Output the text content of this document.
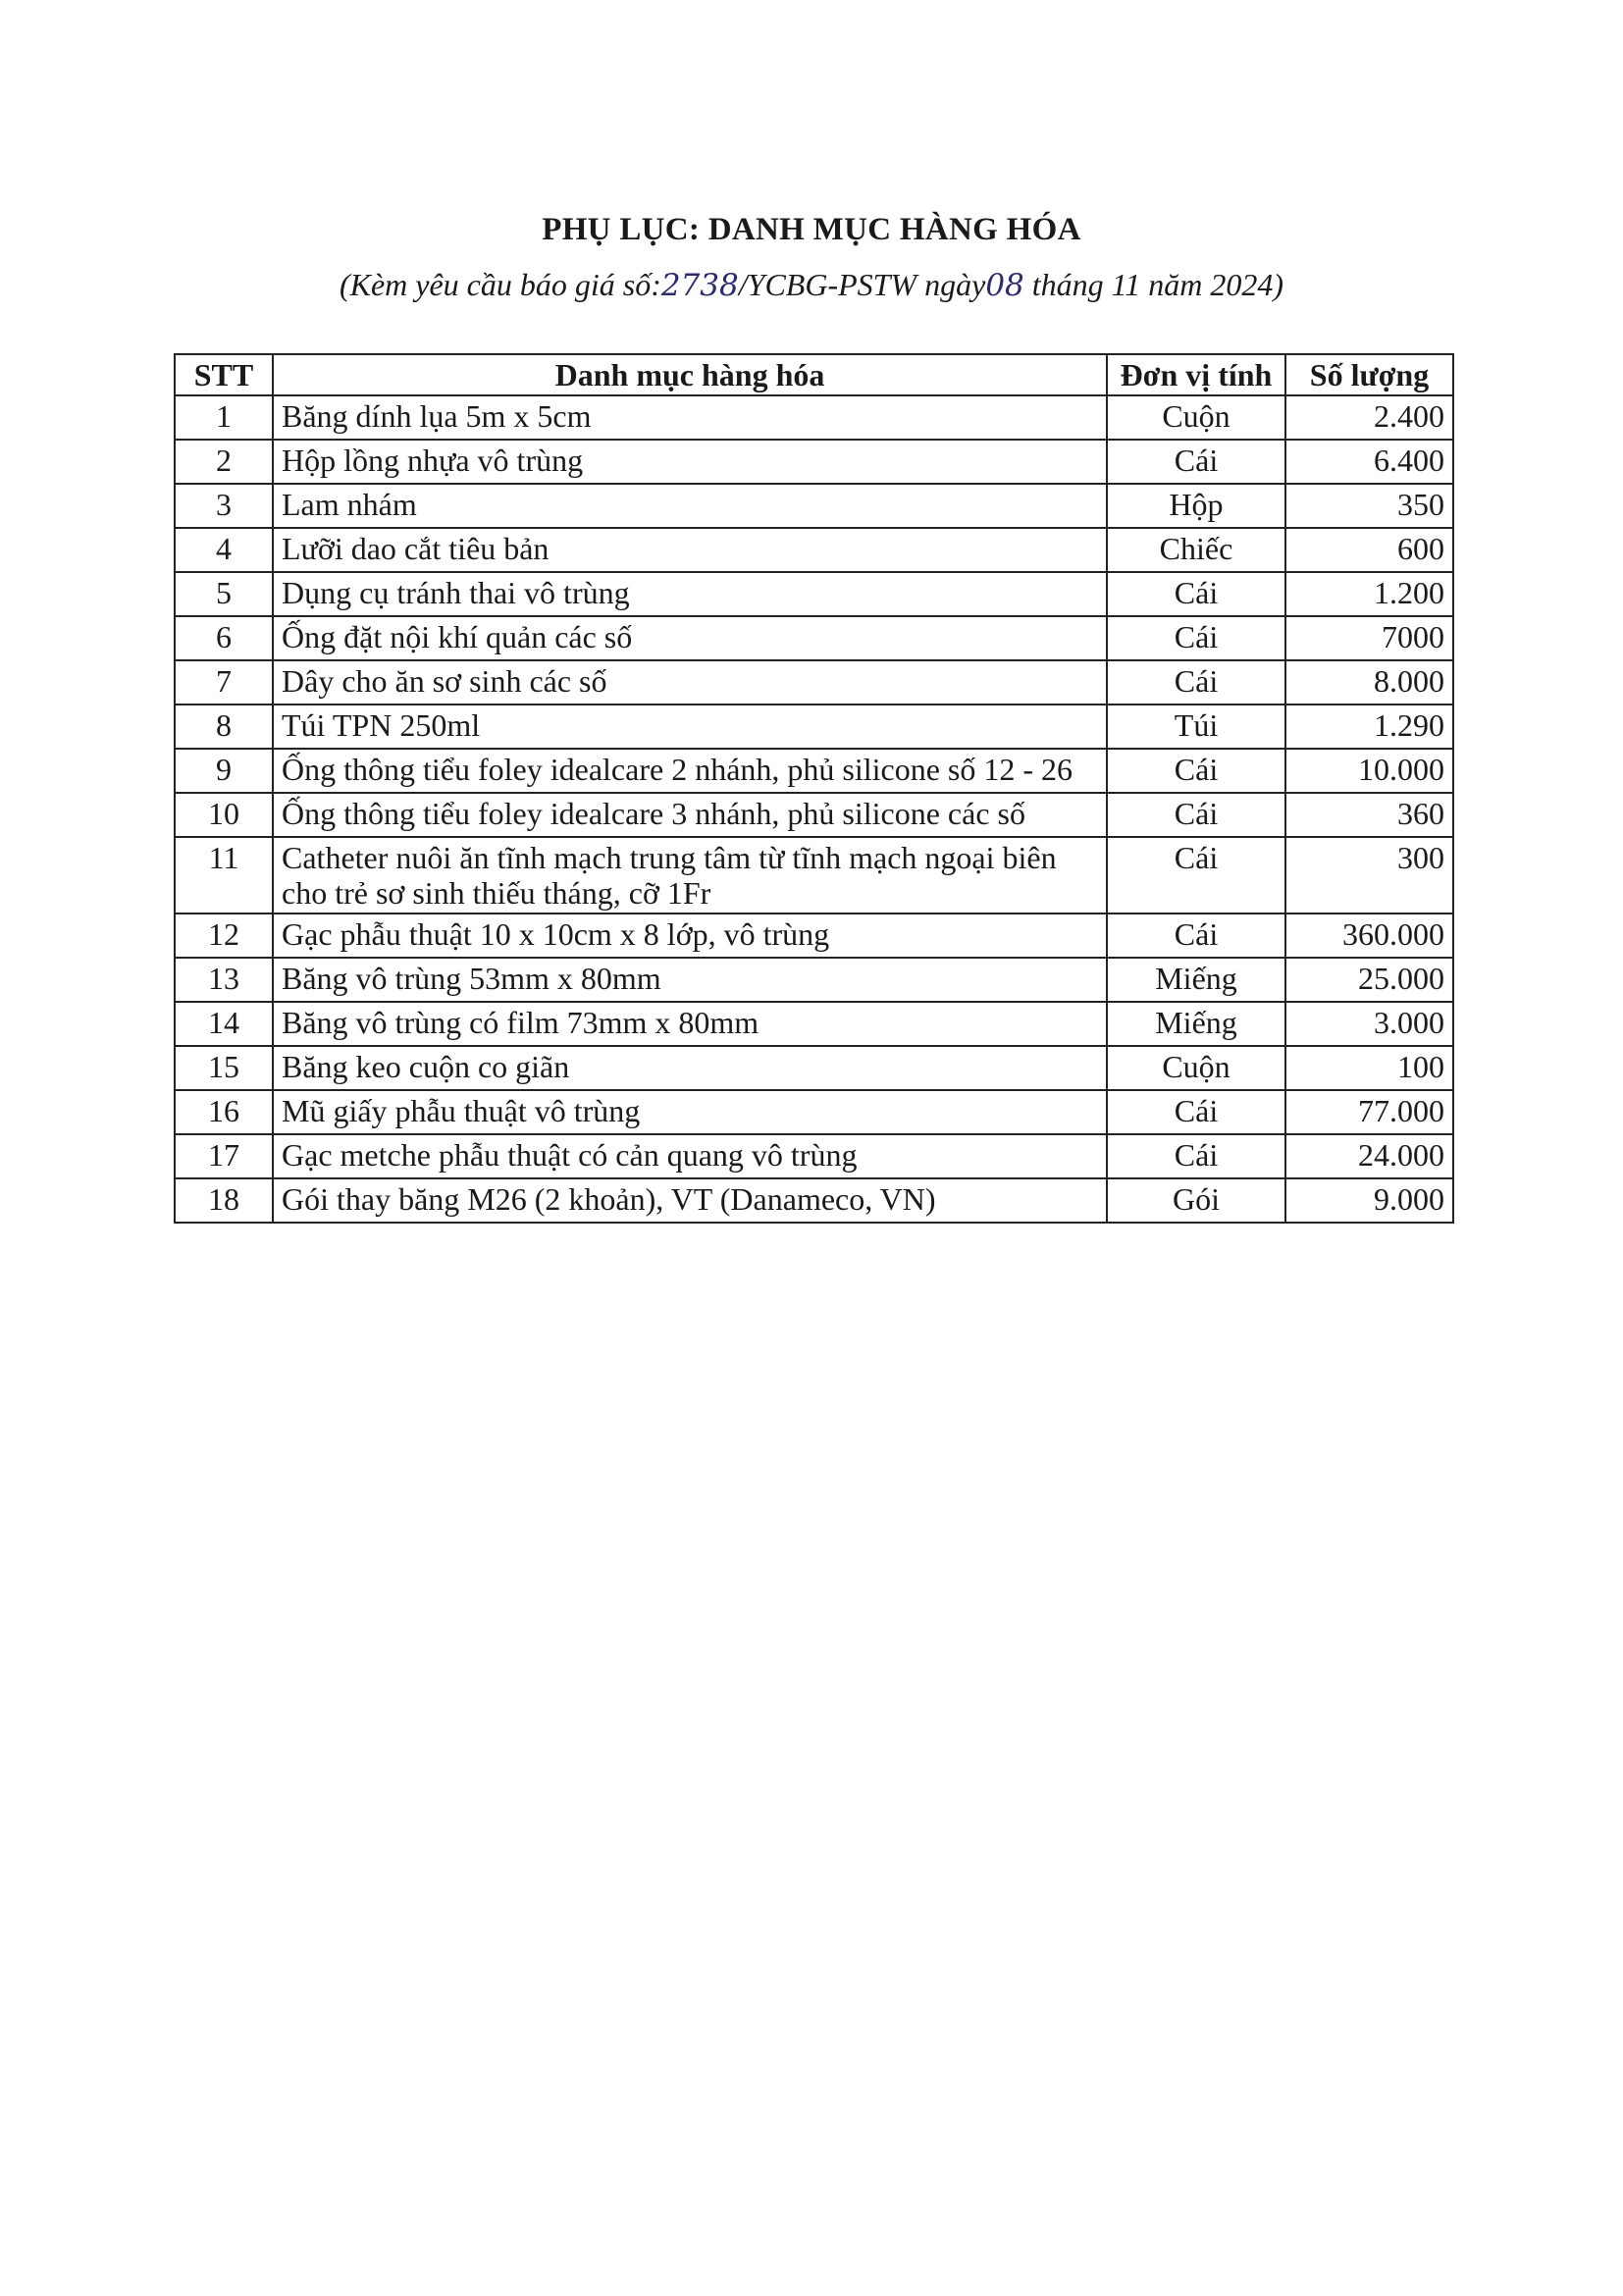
PHỤ LỤC: DANH MỤC HÀNG HÓA
(Kèm yêu cầu báo giá số:2738/YCBG-PSTW ngày08 tháng 11 năm 2024)
STT	Danh mục hàng hóa	Đơn vị tính	Số lượng
1	Băng dính lụa 5m x 5cm	Cuộn	2.400
2	Hộp lồng nhựa vô trùng	Cái	6.400
3	Lam nhám	Hộp	350
4	Lưỡi dao cắt tiêu bản	Chiếc	600
5	Dụng cụ tránh thai vô trùng	Cái	1.200
6	Ống đặt nội khí quản các số	Cái	7000
7	Dây cho ăn sơ sinh các số	Cái	8.000
8	Túi TPN 250ml	Túi	1.290
9	Ống thông tiểu foley idealcare 2 nhánh, phủ silicone số 12 - 26	Cái	10.000
10	Ống thông tiểu foley idealcare 3 nhánh, phủ silicone các số	Cái	360
11	Catheter nuôi ăn tĩnh mạch trung tâm từ tĩnh mạch ngoại biên cho trẻ sơ sinh thiếu tháng, cỡ 1Fr	Cái	300
12	Gạc phẫu thuật 10 x 10cm x 8 lớp, vô trùng	Cái	360.000
13	Băng vô trùng 53mm x 80mm	Miếng	25.000
14	Băng vô trùng có film 73mm x 80mm	Miếng	3.000
15	Băng keo cuộn co giãn	Cuộn	100
16	Mũ giấy phẫu thuật vô trùng	Cái	77.000
17	Gạc metche phẫu thuật có cản quang vô trùng	Cái	24.000
18	Gói thay băng M26 (2 khoản), VT (Danameco, VN)	Gói	9.000
